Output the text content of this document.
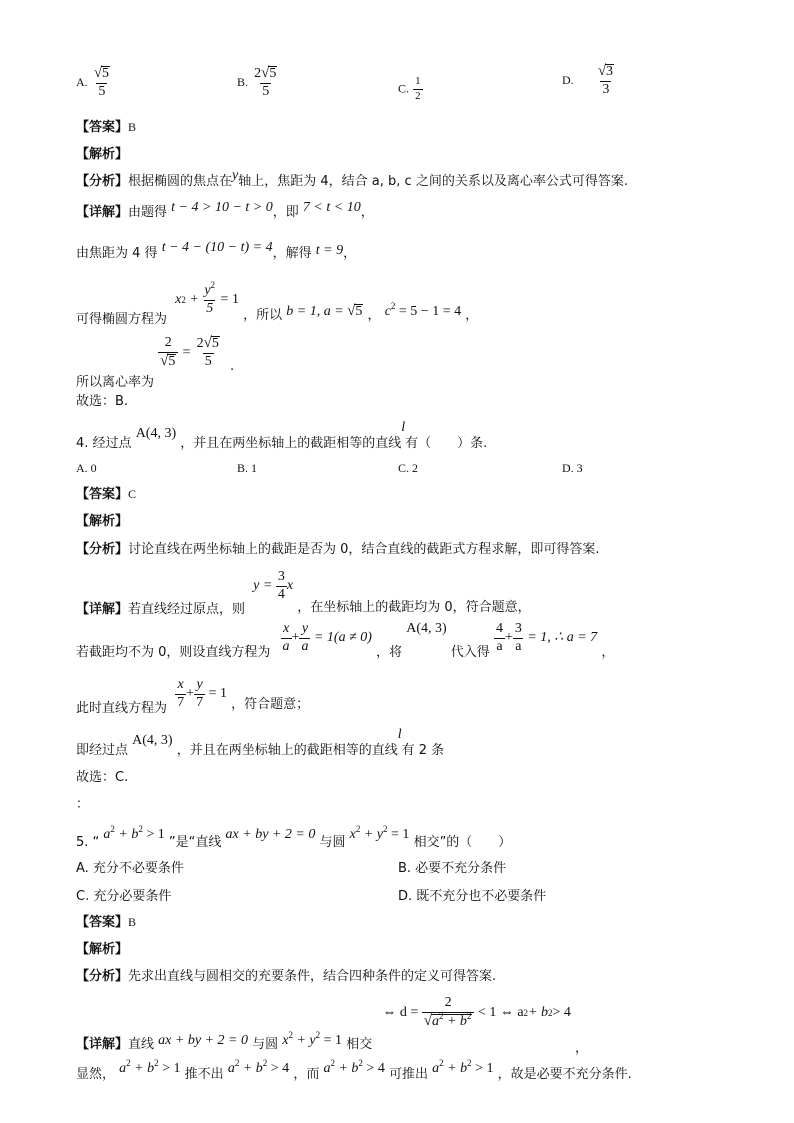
A. $\frac{√ 5}{5}$	B. $\frac{2 √ 5}{5}$	C. $\frac{1}{2}$	D. $\frac{√ 3}{3}$
【答案】B
【解析】
【分析】根据椭圆的焦点在$^y$轴上，焦距为 4，结合 a, b, c 之间的关系以及离心率公式可得答案.
【详解】由题得 t − 4 > 10 − t > 0，即 7 < t < 10，
由焦距为 4 得 t − 4 − (10 − t) = 4，解得 t = 9，
可得椭圆方程为
x $2 + \frac{y^2}{5}$
= 1
，所以 b = 1, a = √ 5 ， $c^2 = 5 - 1 = 4$ ，
所以离心率为
$\frac{2}{√ 5} = \frac{2 √ 5}{5}$ .
故选：B.
4. 经过点 A(4, 3) ，并且在两坐标轴上的截距相等的直线$^l$有（　　）条.
A. 0	B. 1	C. 2	D. 3
【答案】C
【解析】
【分析】讨论直线在两坐标轴上的截距是否为 0，结合直线的截距式方程求解，即可得答案.
【详解】若直线经过原点，则
y =
$\frac{3}{4}$ x
，在坐标轴上的截距均为 0，符合题意，
若截距均不为 0，则设直线方程为 $\frac{x}{a} + \frac{y}{a}$
= 1(a ≠ 0)
，将 A(4, 3) 代入得 $\frac{4}{a} + \frac{3}{a}$
= 1, ∴ a = 7
，
此时直线方程为 $\frac{x}{7} + \frac{y}{7}$
= 1
，符合题意；
即经过点 A(4, 3) ，并且在两坐标轴上的截距相等的直线$^l$有 2 条
故选：C.
：
5. “ $a^2 + b^2 > 1$ ”是“直线 ax + by + 2 = 0 与圆 $x^2 + y^2 = 1$ 相交”的（　　）
A. 充分不必要条件	B. 必要不充分条件
C. 充分必要条件	D. 既不充分也不必要条件
【答案】B
【解析】
【分析】先求出直线与圆相交的充要条件，结合四种条件的定义可得答案.
【详解】直线 ax + by + 2 = 0 与圆 $x^2 + y^2 = 1$ 相交
⇔ d =
$\frac{2}{√ a^2 + b^2}$
< 1 ⇔ a 2 + b 2 > 4
，
显然， $a^2 + b^2 > 1$ 推不出 $a^2 + b^2 > 4$ ，而 $a^2 + b^2 > 4$ 可推出 $a^2 + b^2 > 1$ ，故是必要不充分条件.
